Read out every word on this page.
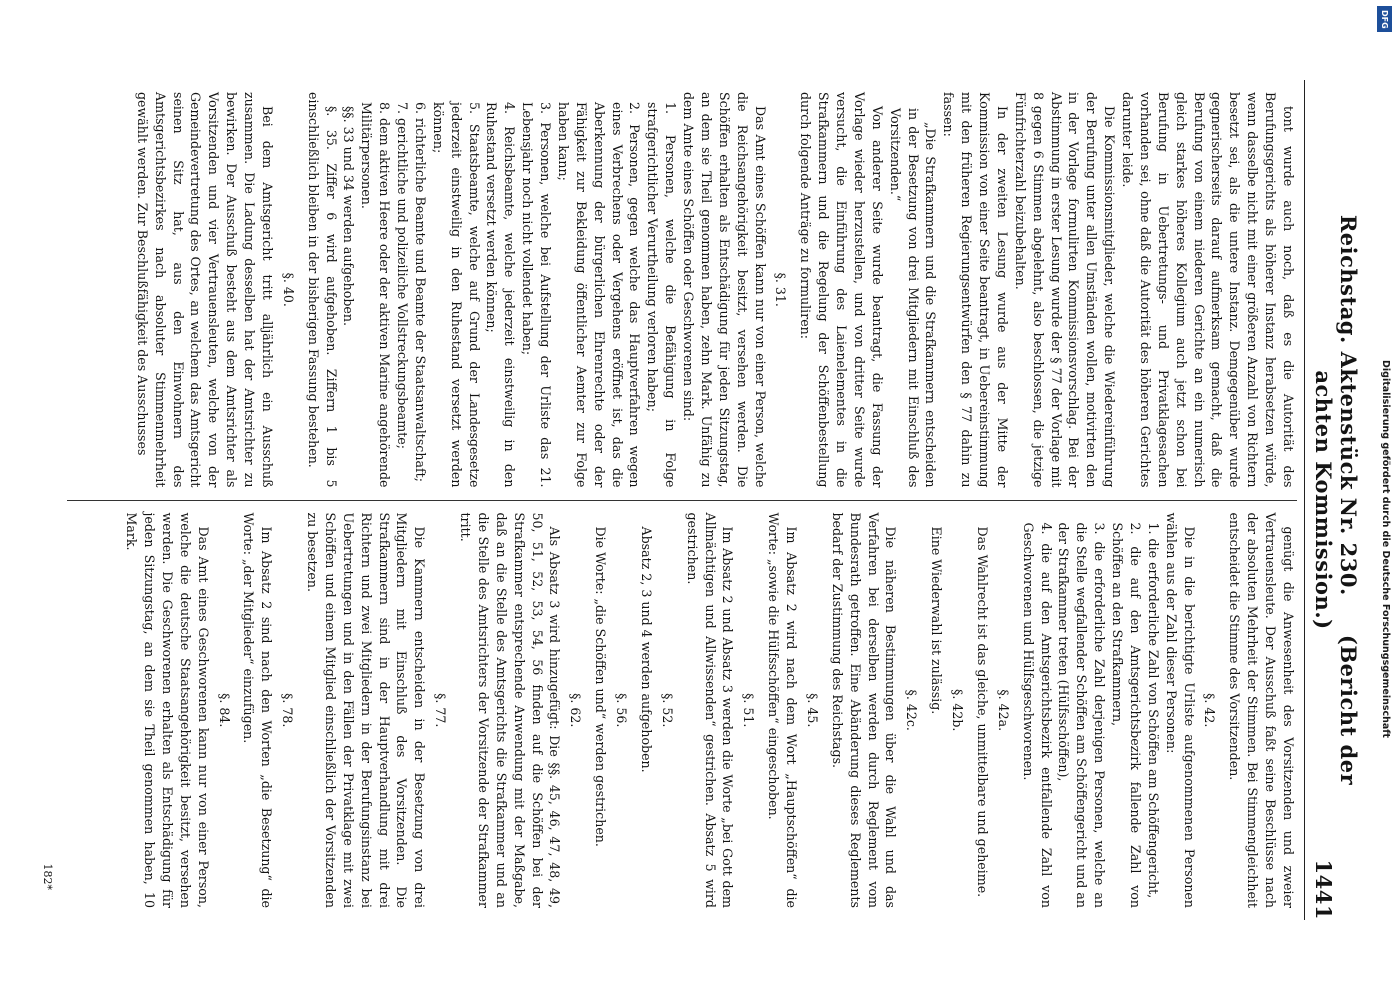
Reichstag. Aktenstück Nr. 230.     (Bericht der achten Kommission.)
1441

tont wurde auch noch, daß es die Autorität des Berufungsgerichts als höherer Instanz herabsetzen würde, wenn dasselbe nicht mit einer größeren Anzahl von Richtern besetzt sei, als die untere Instanz. Demgegenüber wurde gegnerischerseits darauf aufmerksam gemacht, daß die Berufung von einem niederen Gerichte an ein numerisch gleich starkes höheres Kollegium auch jetzt schon bei Berufung in Uebertretungs- und Privatklagesachen vorhanden sei, ohne daß die Autorität des höheren Gerichtes darunter leide.

Die Kommissionsmitglieder, welche die Wiedereinführung der Berufung unter allen Umständen wollen, motivirten den in der Vorlage formulirten Kommissionsvorschlag. Bei der Abstimmung in erster Lesung wurde der § 77 der Vorlage mit 8 gegen 6 Stimmen abgelehnt, also beschlossen, die jetzige Fünfrichterzahl beizubehalten.

In der zweiten Lesung wurde aus der Mitte der Kommission von einer Seite beantragt, in Uebereinstimmung mit den früheren Regierungsentwürfen den § 77 dahin zu fassen:

„Die Strafkammern und die Strafkammern entscheiden in der Besetzung von drei Mitgliedern mit Einschluß des Vorsitzenden.“

Von anderer Seite wurde beantragt, die Fassung der Vorlage wieder herzustellen, und von dritter Seite wurde versucht, die Einführung des Laienelementes in die Strafkammern und die Regelung der Schöffenbestellung durch folgende Anträge zu formuliren:

§. 31.

Das Amt eines Schöffen kann nur von einer Person, welche die Reichsangehörigkeit besitzt, versehen werden. Die Schöffen erhalten als Entschädigung für jeden Sitzungstag, an dem sie Theil genommen haben, zehn Mark. Unfähig zu dem Amte eines Schöffen oder Geschworenen sind:

1. Personen, welche die Befähigung in Folge strafgerichtlicher Verurtheilung verloren haben;
2. Personen, gegen welche das Hauptverfahren wegen eines Verbrechens oder Vergehens eröffnet ist, das die Aberkennung der bürgerlichen Ehrenrechte oder der Fähigkeit zur Bekleidung öffentlicher Aemter zur Folge haben kann;
3. Personen, welche bei Aufstellung der Urliste das 21. Lebensjahr noch nicht vollendet haben;
4. Reichsbeamte, welche jederzeit einstweilig in den Ruhestand versetzt werden können;
5. Staatsbeamte, welche auf Grund der Landesgesetze jederzeit einstweilig in den Ruhestand versetzt werden können;
6. richterliche Beamte und Beamte der Staatsanwaltschaft;
7. gerichtliche und polizeiliche Vollstreckungsbeamte;
8. dem aktiven Heere oder der aktiven Marine angehörende Militärpersonen.

§§. 33 und 34 werden aufgehoben.

§. 35. Ziffer 6 wird aufgehoben. Ziffern 1 bis 5 einschließlich bleiben in der bisherigen Fassung bestehen.

§. 40.

Bei dem Amtsgericht tritt alljährlich ein Ausschuß zusammen. Die Ladung desselben hat der Amtsrichter zu bewirken. Der Ausschuß besteht aus dem Amtsrichter als Vorsitzenden und vier Vertrauensleuten, welche von der Gemeindevertretung des Ortes, an welchem das Amtsgericht seinen Sitz hat, aus den Einwohnern des Amtsgerichtsbezirkes nach absoluter Stimmenmehrheit gewählt werden. Zur Beschlußfähigkeit des Ausschusses

genügt die Anwesenheit des Vorsitzenden und zweier Vertrauensleute. Der Ausschuß faßt seine Beschlüsse nach der absoluten Mehrheit der Stimmen. Bei Stimmengleichheit entscheidet die Stimme des Vorsitzenden.

§. 42.

Die in die berichtigte Urliste aufgenommenen Personen wählen aus der Zahl dieser Personen:

1. die erforderliche Zahl von Schöffen am Schöffengericht,
2. die auf den Amtsgerichtsbezirk fallende Zahl von Schöffen an den Strafkammern,
3. die erforderliche Zahl derjenigen Personen, welche an die Stelle wegfallender Schöffen am Schöffengericht und an der Strafkammer treten (Hülfsschöffen),
4. die auf den Amtsgerichtsbezirk entfallende Zahl von Geschworenen und Hülfsgeschworenen.
§. 42a.

Das Wahlrecht ist das gleiche, unmittelbare und geheime.

§. 42b.

Eine Wiederwahl ist zulässig.

§. 42c.

Die näheren Bestimmungen über die Wahl und das Verfahren bei derselben werden durch Reglement vom Bundesrath getroffen. Eine Abänderung dieses Reglements bedarf der Zustimmung des Reichstags.

§. 45.

Im Absatz 2 wird nach dem Wort „Hauptschöffen“ die Worte: „sowie die Hülfsschöffen“ eingeschoben.

§. 51.

Im Absatz 2 und Absatz 3 werden die Worte „bei Gott dem Allmächtigen und Allwissenden“ gestrichen. Absatz 5 wird gestrichen.

§. 52.

Absatz 2, 3 und 4 werden aufgehoben.

§. 56.

Die Worte: „die Schöffen und“ werden gestrichen.

§. 62.

Als Absatz 3 wird hinzugefügt: Die §§. 45, 46, 47, 48, 49, 50, 51, 52, 53, 54, 56 finden auf die Schöffen bei der Strafkammer entsprechende Anwendung mit der Maßgabe, daß an die Stelle des Amtsgerichts die Strafkammer und an die Stelle des Amtsrichters der Vorsitzende der Strafkammer tritt.

§. 77.

Die Kammern entscheiden in der Besetzung von drei Mitgliedern mit Einschluß des Vorsitzenden. Die Strafkammern sind in der Hauptverhandlung mit drei Richtern und zwei Mitgliedern in der Berufungsinstanz bei Uebertretungen und in den Fällen der Privatklage mit zwei Schöffen und einem Mitglied einschließlich der Vorsitzenden zu besetzen.

§. 78.

Im Absatz 2 sind nach den Worten „die Besetzung“ die Worte: „der Mitglieder“ einzufügen.

§. 84.

Das Amt eines Geschworenen kann nur von einer Person, welche die deutsche Staatsangehörigkeit besitzt, versehen werden. Die Geschworenen erhalten als Entschädigung für jeden Sitzungstag, an dem sie Theil genommen haben, 10 Mark.

182*
DFG
Digitalisierung gefördert durch die Deutsche Forschungsgemeinschaft
